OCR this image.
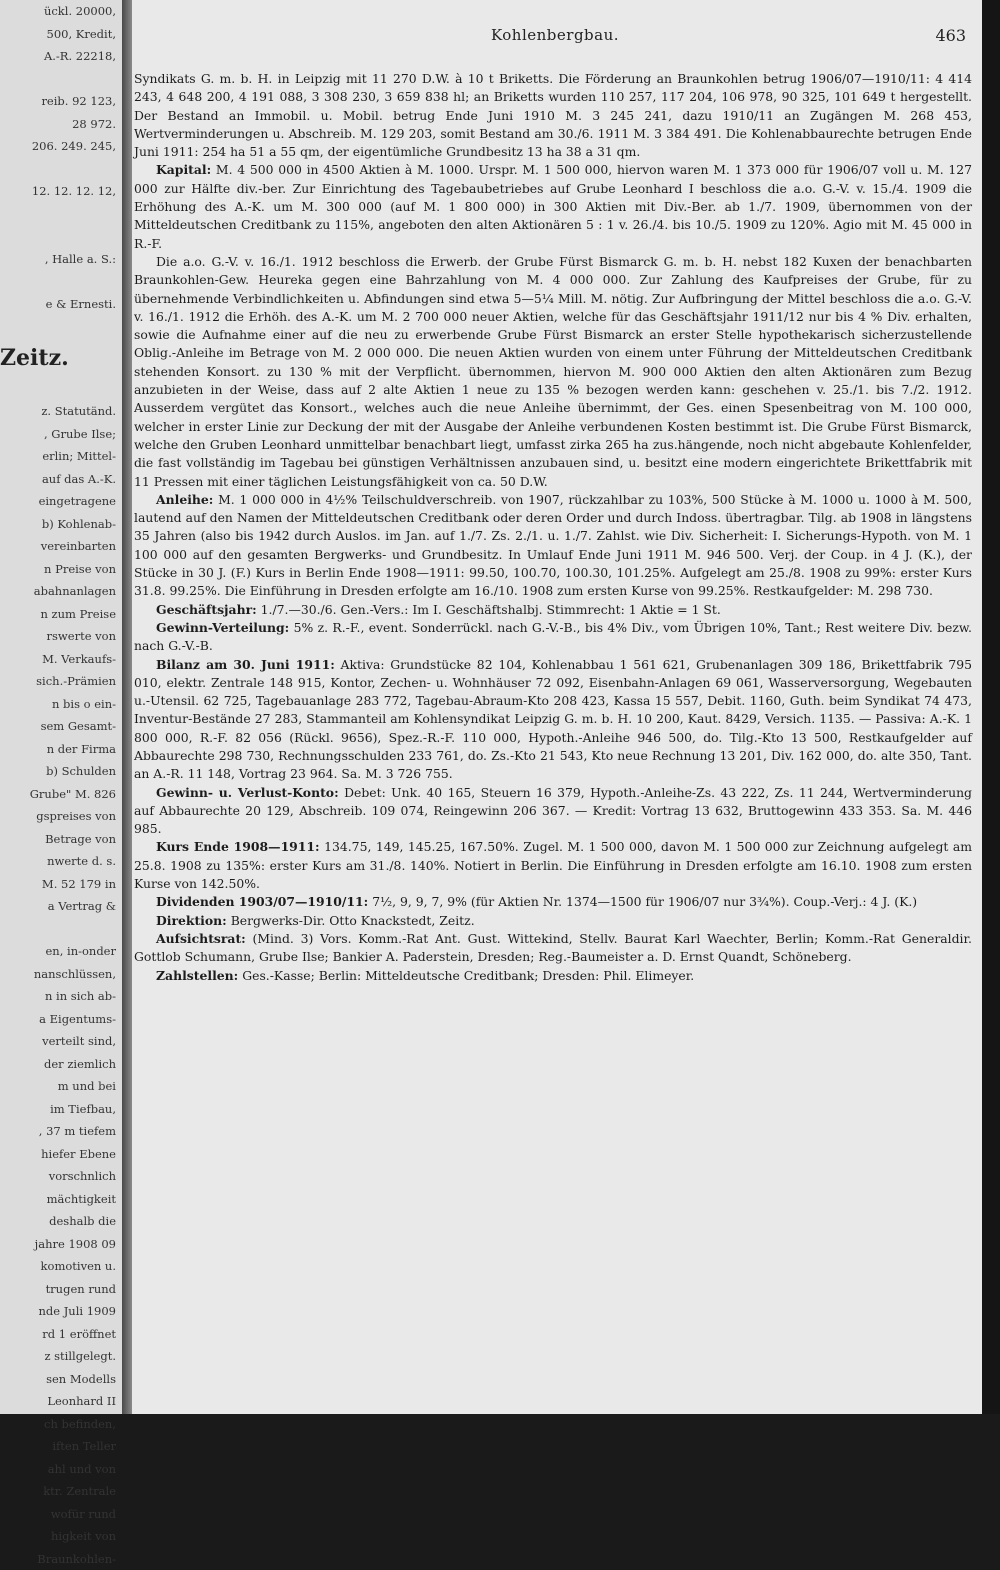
ückl. 20000,
500, Kredit,
A.-R. 22218,
reib. 92 123,
28 972.
206. 249. 245,
12. 12. 12. 12,
, Halle a. S.:
e & Ernesti.
Zeitz.
z. Statutänd.
, Grube Ilse;
erlin; Mittel-
auf das A.-K.
eingetragene
b) Kohlenab-
vereinbarten
n Preise von
abahnanlagen
n zum Preise
rswerte von
M. Verkaufs-
sich.-Prämien
n bis o ein-
sem Gesamt-
n der Firma
b) Schulden
Grube" M. 826
gspreises von
Betrage von
nwerte d. s.
M. 52 179 in
a Vertrag &
en, in-onder
nanschlüssen,
n in sich ab-
a Eigentums-
verteilt sind,
der ziemlich
m und bei
im Tiefbau,
, 37 m tiefem
hiefer Ebene
vorschnlich
mächtigkeit
deshalb die
jahre 1908 09
komotiven u.
trugen rund
nde Juli 1909
rd 1 eröffnet
z stillgelegt.
sen Modells
Leonhard II
ch befinden,
iften Teller
ahl und von
ktr. Zentrale
wofür rund
higkeit von
Braunkohlen-
Kohlenbergbau.	463

Syndikats G. m. b. H. in Leipzig mit 11 270 D.W. à 10 t Briketts. Die Förderung an Braunkohlen betrug 1906/07—1910/11: 4 414 243, 4 648 200, 4 191 088, 3 308 230, 3 659 838 hl; an Briketts wurden 110 257, 117 204, 106 978, 90 325, 101 649 t hergestellt. Der Bestand an Immobil. u. Mobil. betrug Ende Juni 1910 M. 3 245 241, dazu 1910/11 an Zugängen M. 268 453, Wertverminderungen u. Abschreib. M. 129 203, somit Bestand am 30./6. 1911 M. 3 384 491. Die Kohlenabbaurechte betrugen Ende Juni 1911: 254 ha 51 a 55 qm, der eigentümliche Grundbesitz 13 ha 38 a 31 qm.

Kapital: M. 4 500 000 in 4500 Aktien à M. 1000. Urspr. M. 1 500 000, hiervon waren M. 1 373 000 für 1906/07 voll u. M. 127 000 zur Hälfte div.-ber. Zur Einrichtung des Tagebaubetriebes auf Grube Leonhard I beschloss die a.o. G.-V. v. 15./4. 1909 die Erhöhung des A.-K. um M. 300 000 (auf M. 1 800 000) in 300 Aktien mit Div.-Ber. ab 1./7. 1909, übernommen von der Mitteldeutschen Creditbank zu 115%, angeboten den alten Aktionären 5 : 1 v. 26./4. bis 10./5. 1909 zu 120%. Agio mit M. 45 000 in R.-F.

Die a.o. G.-V. v. 16./1. 1912 beschloss die Erwerb. der Grube Fürst Bismarck G. m. b. H. nebst 182 Kuxen der benachbarten Braunkohlen-Gew. Heureka gegen eine Bahrzahlung von M. 4 000 000. Zur Zahlung des Kaufpreises der Grube, für zu übernehmende Verbindlichkeiten u. Abfindungen sind etwa 5—5¼ Mill. M. nötig. Zur Aufbringung der Mittel beschloss die a.o. G.-V. v. 16./1. 1912 die Erhöh. des A.-K. um M. 2 700 000 neuer Aktien, welche für das Geschäftsjahr 1911/12 nur bis 4 % Div. erhalten, sowie die Aufnahme einer auf die neu zu erwerbende Grube Fürst Bismarck an erster Stelle hypothekarisch sicherzustellende Oblig.-Anleihe im Betrage von M. 2 000 000. Die neuen Aktien wurden von einem unter Führung der Mitteldeutschen Creditbank stehenden Konsort. zu 130 % mit der Verpflicht. übernommen, hiervon M. 900 000 Aktien den alten Aktionären zum Bezug anzubieten in der Weise, dass auf 2 alte Aktien 1 neue zu 135 % bezogen werden kann: geschehen v. 25./1. bis 7./2. 1912. Ausserdem vergütet das Konsort., welches auch die neue Anleihe übernimmt, der Ges. einen Spesenbeitrag von M. 100 000, welcher in erster Linie zur Deckung der mit der Ausgabe der Anleihe verbundenen Kosten bestimmt ist. Die Grube Fürst Bismarck, welche den Gruben Leonhard unmittelbar benachbart liegt, umfasst zirka 265 ha zus.hängende, noch nicht abgebaute Kohlenfelder, die fast vollständig im Tagebau bei günstigen Verhältnissen anzubauen sind, u. besitzt eine modern eingerichtete Brikettfabrik mit 11 Pressen mit einer täglichen Leistungsfähigkeit von ca. 50 D.W.

Anleihe: M. 1 000 000 in 4½% Teilschuldverschreib. von 1907, rückzahlbar zu 103%, 500 Stücke à M. 1000 u. 1000 à M. 500, lautend auf den Namen der Mitteldeutschen Creditbank oder deren Order und durch Indoss. übertragbar. Tilg. ab 1908 in längstens 35 Jahren (also bis 1942 durch Auslos. im Jan. auf 1./7. Zs. 2./1. u. 1./7. Zahlst. wie Div. Sicherheit: I. Sicherungs-Hypoth. von M. 1 100 000 auf den gesamten Bergwerks- und Grundbesitz. In Umlauf Ende Juni 1911 M. 946 500. Verj. der Coup. in 4 J. (K.), der Stücke in 30 J. (F.) Kurs in Berlin Ende 1908—1911: 99.50, 100.70, 100.30, 101.25%. Aufgelegt am 25./8. 1908 zu 99%: erster Kurs 31.8. 99.25%. Die Einführung in Dresden erfolgte am 16./10. 1908 zum ersten Kurse von 99.25%. Restkaufgelder: M. 298 730.

Geschäftsjahr: 1./7.—30./6. Gen.-Vers.: Im I. Geschäftshalbj. Stimmrecht: 1 Aktie = 1 St.

Gewinn-Verteilung: 5% z. R.-F., event. Sonderrückl. nach G.-V.-B., bis 4% Div., vom Übrigen 10%, Tant.; Rest weitere Div. bezw. nach G.-V.-B.

Bilanz am 30. Juni 1911: Aktiva: Grundstücke 82 104, Kohlenabbau 1 561 621, Grubenanlagen 309 186, Brikettfabrik 795 010, elektr. Zentrale 148 915, Kontor, Zechen- u. Wohnhäuser 72 092, Eisenbahn-Anlagen 69 061, Wasserversorgung, Wegebauten u.-Utensil. 62 725, Tagebauanlage 283 772, Tagebau-Abraum-Kto 208 423, Kassa 15 557, Debit. 1160, Guth. beim Syndikat 74 473, Inventur-Bestände 27 283, Stammanteil am Kohlensyndikat Leipzig G. m. b. H. 10 200, Kaut. 8429, Versich. 1135. — Passiva: A.-K. 1 800 000, R.-F. 82 056 (Rückl. 9656), Spez.-R.-F. 110 000, Hypoth.-Anleihe 946 500, do. Tilg.-Kto 13 500, Restkaufgelder auf Abbaurechte 298 730, Rechnungsschulden 233 761, do. Zs.-Kto 21 543, Kto neue Rechnung 13 201, Div. 162 000, do. alte 350, Tant. an A.-R. 11 148, Vortrag 23 964. Sa. M. 3 726 755.

Gewinn- u. Verlust-Konto: Debet: Unk. 40 165, Steuern 16 379, Hypoth.-Anleihe-Zs. 43 222, Zs. 11 244, Wertverminderung auf Abbaurechte 20 129, Abschreib. 109 074, Reingewinn 206 367. — Kredit: Vortrag 13 632, Bruttogewinn 433 353. Sa. M. 446 985.

Kurs Ende 1908—1911: 134.75, 149, 145.25, 167.50%. Zugel. M. 1 500 000, davon M. 1 500 000 zur Zeichnung aufgelegt am 25.8. 1908 zu 135%: erster Kurs am 31./8. 140%. Notiert in Berlin. Die Einführung in Dresden erfolgte am 16.10. 1908 zum ersten Kurse von 142.50%.

Dividenden 1903/07—1910/11: 7½, 9, 9, 7, 9% (für Aktien Nr. 1374—1500 für 1906/07 nur 3¾%). Coup.-Verj.: 4 J. (K.)

Direktion: Bergwerks-Dir. Otto Knackstedt, Zeitz.

Aufsichtsrat: (Mind. 3) Vors. Komm.-Rat Ant. Gust. Wittekind, Stellv. Baurat Karl Waechter, Berlin; Komm.-Rat Generaldir. Gottlob Schumann, Grube Ilse; Bankier A. Paderstein, Dresden; Reg.-Baumeister a. D. Ernst Quandt, Schöneberg.

Zahlstellen: Ges.-Kasse; Berlin: Mitteldeutsche Creditbank; Dresden: Phil. Elimeyer.
